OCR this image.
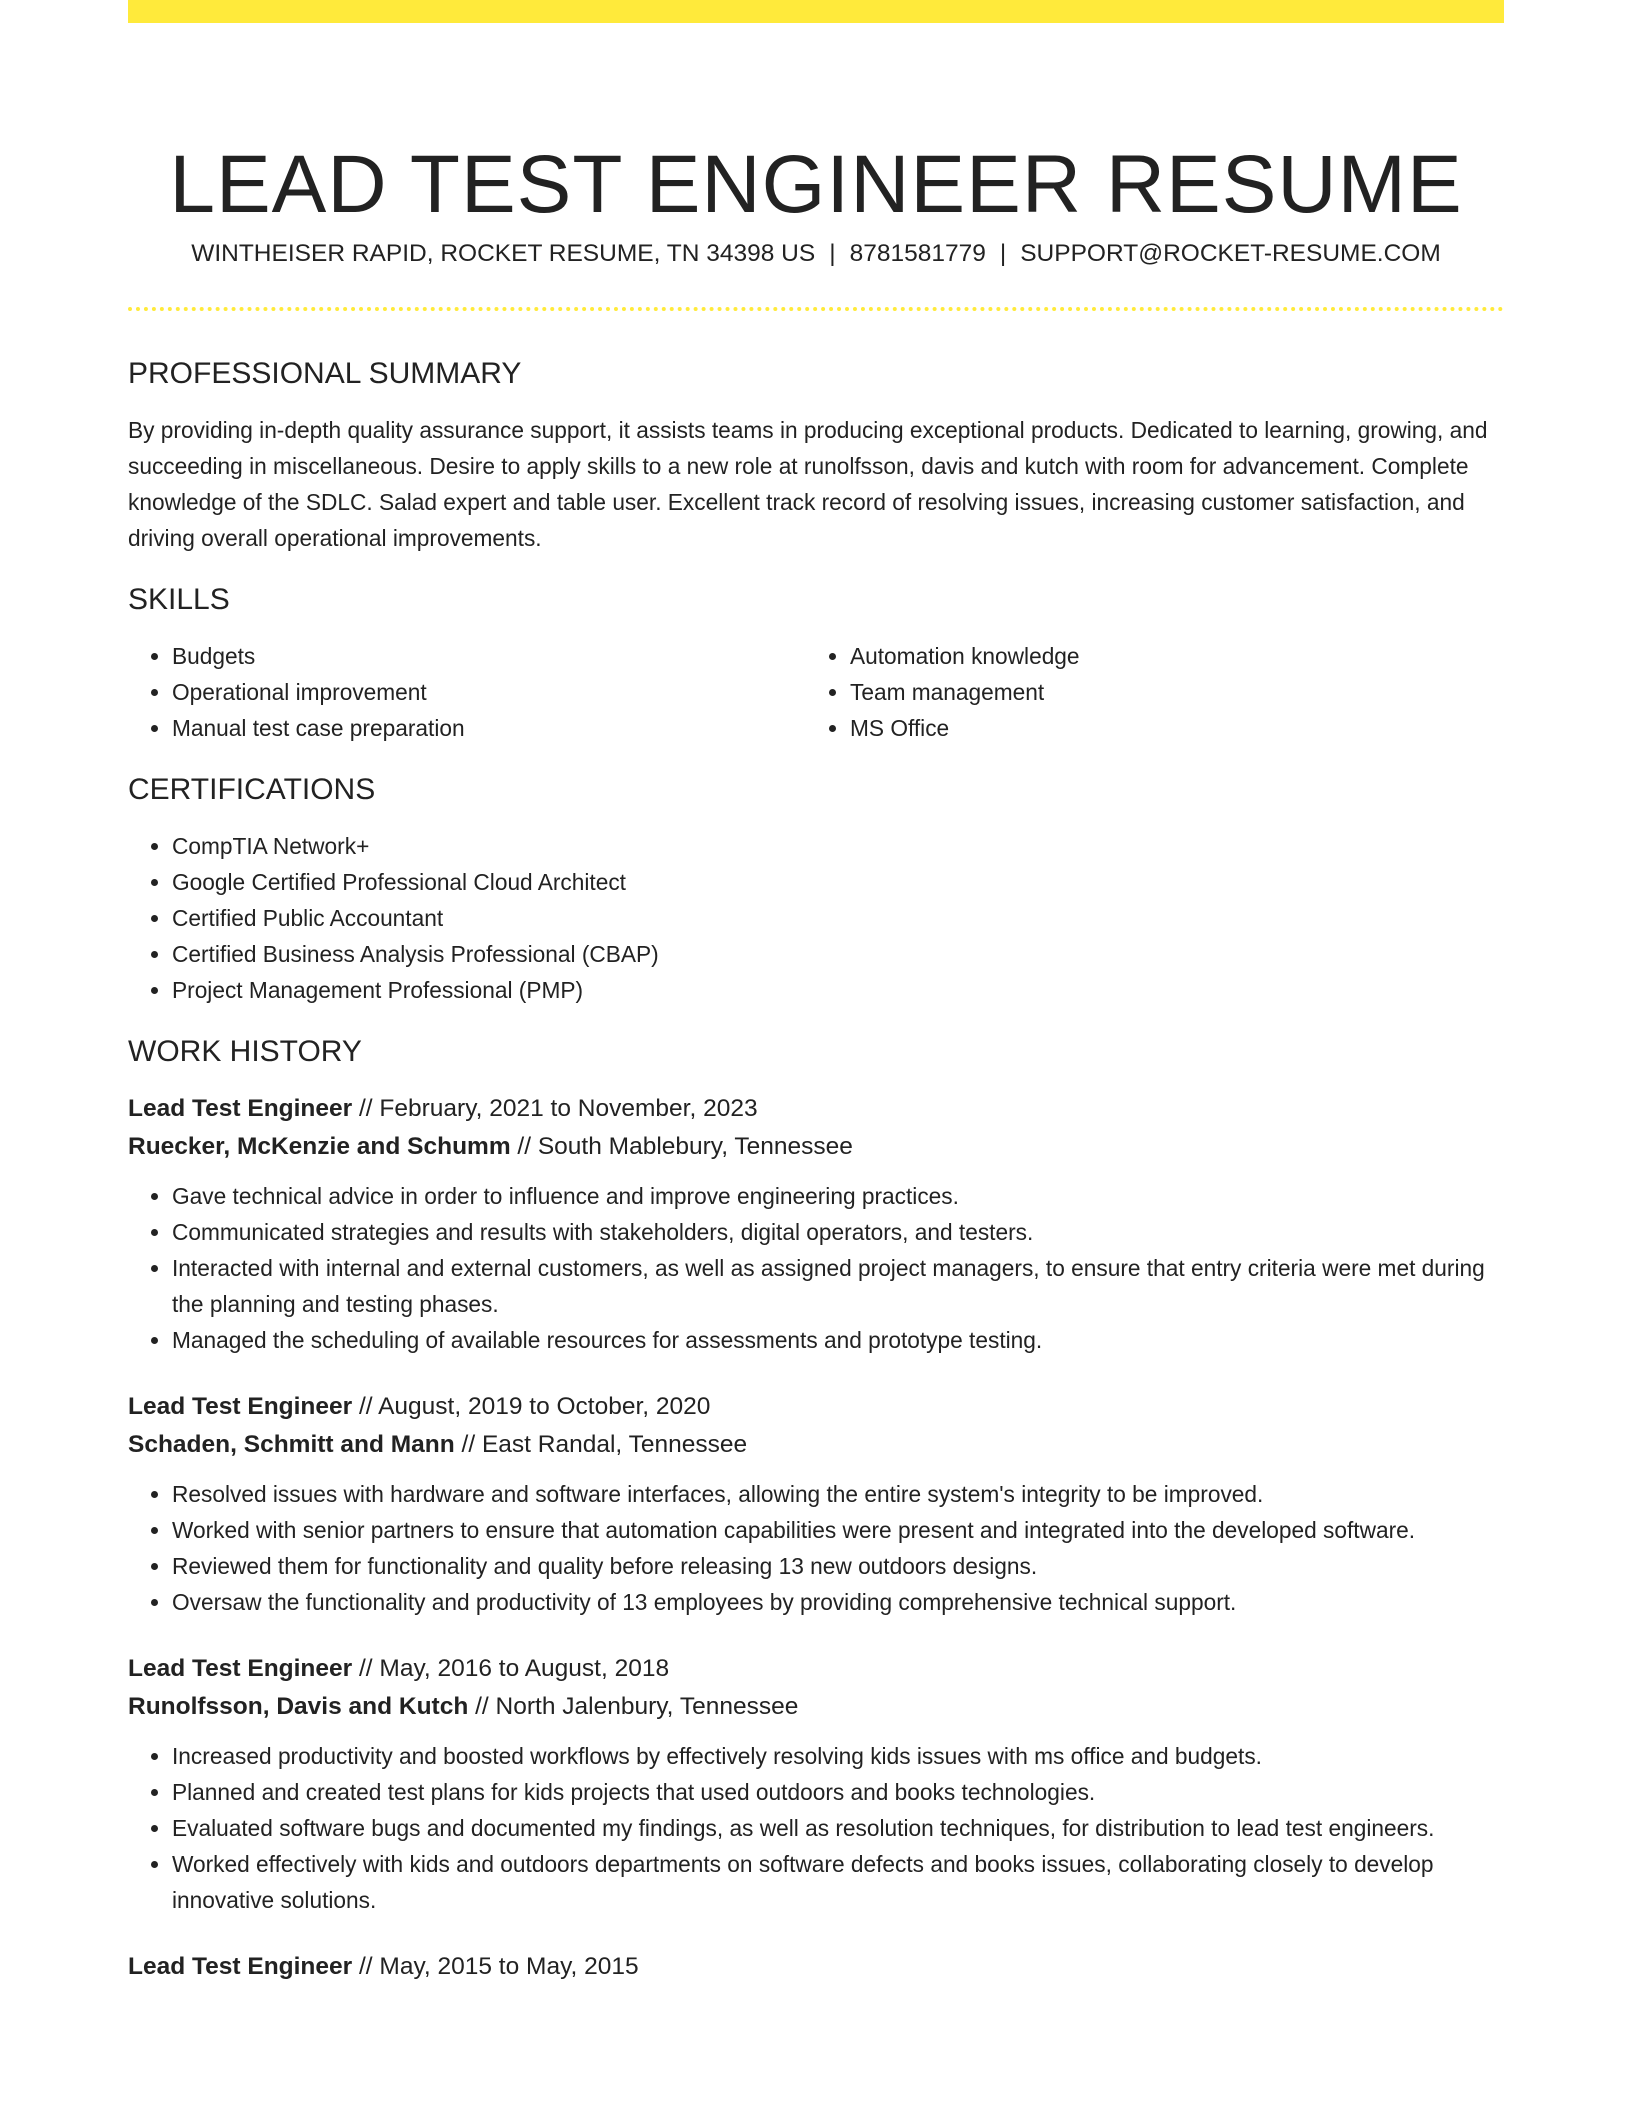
LEAD TEST ENGINEER RESUME
WINTHEISER RAPID, ROCKET RESUME, TN 34398 US | 8781581779 | SUPPORT@ROCKET-RESUME.COM
PROFESSIONAL SUMMARY

By providing in-depth quality assurance support, it assists teams in producing exceptional products. Dedicated to learning, growing, and succeeding in miscellaneous. Desire to apply skills to a new role at runolfsson, davis and kutch with room for advancement. Complete knowledge of the SDLC. Salad expert and table user. Excellent track record of resolving issues, increasing customer satisfaction, and driving overall operational improvements.

SKILLS
• Budgets
• Operational improvement
• Manual test case preparation
• Automation knowledge
• Team management
• MS Office
CERTIFICATIONS
• CompTIA Network+
• Google Certified Professional Cloud Architect
• Certified Public Accountant
• Certified Business Analysis Professional (CBAP)
• Project Management Professional (PMP)
WORK HISTORY

Lead Test Engineer // February, 2021 to November, 2023

Ruecker, McKenzie and Schumm // South Mablebury, Tennessee

• Gave technical advice in order to influence and improve engineering practices.
• Communicated strategies and results with stakeholders, digital operators, and testers.
• Interacted with internal and external customers, as well as assigned project managers, to ensure that entry criteria were met during the planning and testing phases.
• Managed the scheduling of available resources for assessments and prototype testing.

Lead Test Engineer // August, 2019 to October, 2020

Schaden, Schmitt and Mann // East Randal, Tennessee

• Resolved issues with hardware and software interfaces, allowing the entire system's integrity to be improved.
• Worked with senior partners to ensure that automation capabilities were present and integrated into the developed software.
• Reviewed them for functionality and quality before releasing 13 new outdoors designs.
• Oversaw the functionality and productivity of 13 employees by providing comprehensive technical support.

Lead Test Engineer // May, 2016 to August, 2018

Runolfsson, Davis and Kutch // North Jalenbury, Tennessee

• Increased productivity and boosted workflows by effectively resolving kids issues with ms office and budgets.
• Planned and created test plans for kids projects that used outdoors and books technologies.
• Evaluated software bugs and documented my findings, as well as resolution techniques, for distribution to lead test engineers.
• Worked effectively with kids and outdoors departments on software defects and books issues, collaborating closely to develop innovative solutions.

Lead Test Engineer // May, 2015 to May, 2015
